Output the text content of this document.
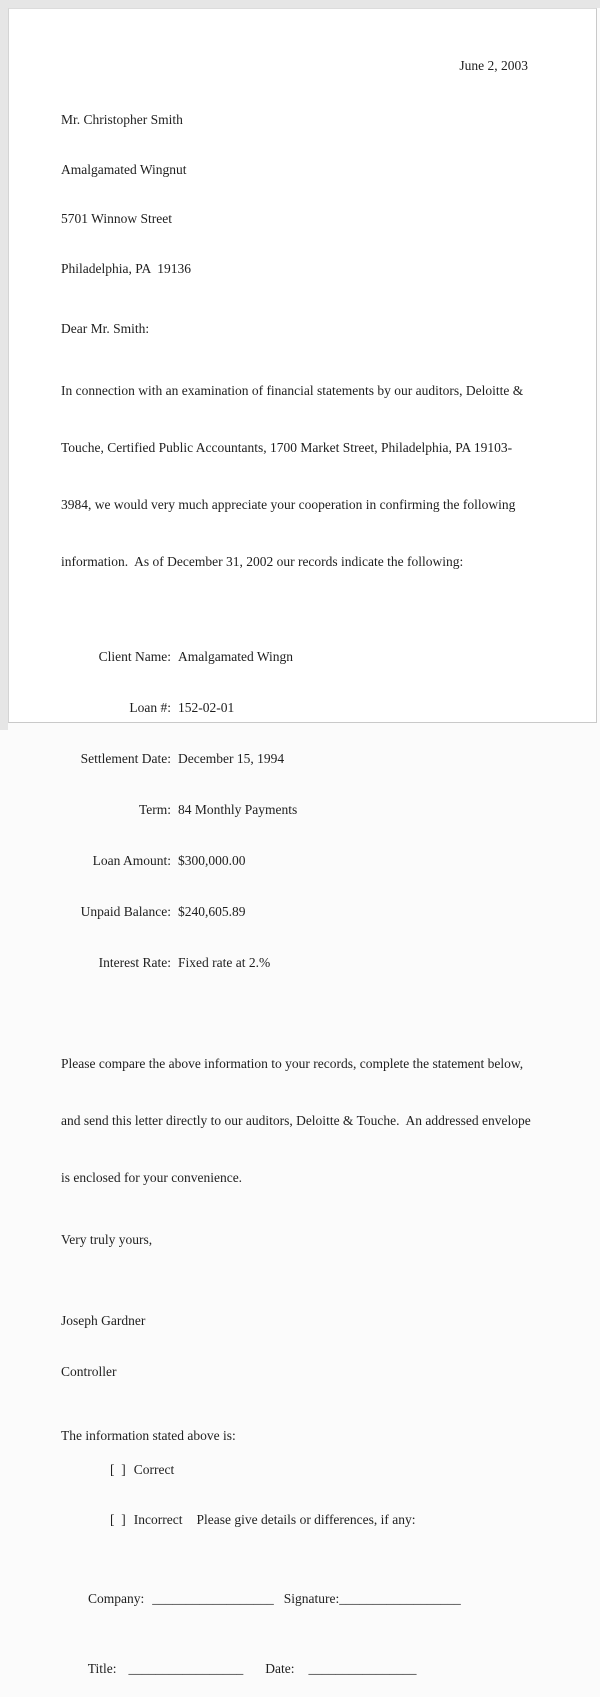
June 2, 2003

Mr. Christopher Smith

Amalgamated Wingnut

5701 Winnow Street

Philadelphia, PA  19136

Dear Mr. Smith:

In connection with an examination of financial statements by our auditors, Deloitte &

Touche, Certified Public Accountants, 1700 Market Street, Philadelphia, PA 19103-

3984, we would very much appreciate your cooperation in confirming the following

information.  As of December 31, 2002 our records indicate the following:

Client Name: Amalgamated Wingn

Loan #: 152-02-01

Settlement Date: December 15, 1994

Term: 84 Monthly Payments

Loan Amount: $300,000.00

Unpaid Balance: $240,605.89

Interest Rate: Fixed rate at 2.%

Please compare the above information to your records, complete the statement below,

and send this letter directly to our auditors, Deloitte & Touche.  An addressed envelope

is enclosed for your convenience.

Very truly yours,

Joseph Gardner

Controller

The information stated above is:

[  ] Correct

[  ] Incorrect Please give details or differences, if any:

Company: __________________ Signature:__________________

Title: _________________ Date: ________________
